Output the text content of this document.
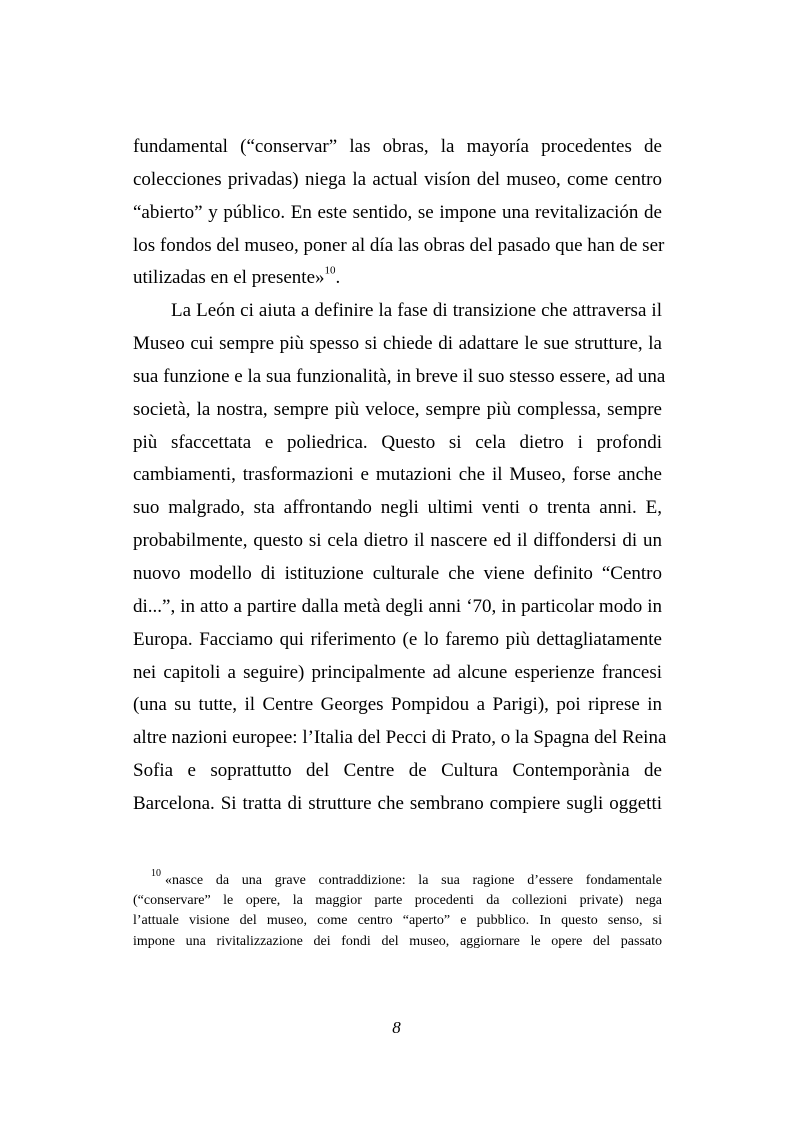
fundamental (“conservar” las obras, la mayoría procedentes de
colecciones privadas) niega la actual visíon del museo, come centro
“abierto” y público. En este sentido, se impone una revitalización de
los fondos del museo, poner al día las obras del pasado que han de ser
utilizadas en el presente»$^{10}$.
La León ci aiuta a definire la fase di transizione che attraversa il
Museo cui sempre più spesso si chiede di adattare le sue strutture, la
sua funzione e la sua funzionalità, in breve il suo stesso essere, ad una
società, la nostra, sempre più veloce, sempre più complessa, sempre
più sfaccettata e poliedrica. Questo si cela dietro i profondi
cambiamenti, trasformazioni e mutazioni che il Museo, forse anche
suo malgrado, sta affrontando negli ultimi venti o trenta anni. E,
probabilmente, questo si cela dietro il nascere ed il diffondersi di un
nuovo modello di istituzione culturale che viene definito “Centro
di...”, in atto a partire dalla metà degli anni ‘70, in particolar modo in
Europa. Facciamo qui riferimento (e lo faremo più dettagliatamente
nei capitoli a seguire) principalmente ad alcune esperienze francesi
(una su tutte, il Centre Georges Pompidou a Parigi), poi riprese in
altre nazioni europee: l’Italia del Pecci di Prato, o la Spagna del Reina
Sofia e soprattutto del Centre de Cultura Contemporània de
Barcelona. Si tratta di strutture che sembrano compiere sugli oggetti
$^{10}$ «nasce da una grave contraddizione: la sua ragione d’essere fondamentale
(“conservare” le opere, la maggior parte procedenti da collezioni private) nega
l’attuale visione del museo, come centro “aperto” e pubblico. In questo senso, si
impone una rivitalizzazione dei fondi del museo, aggiornare le opere del passato
8
